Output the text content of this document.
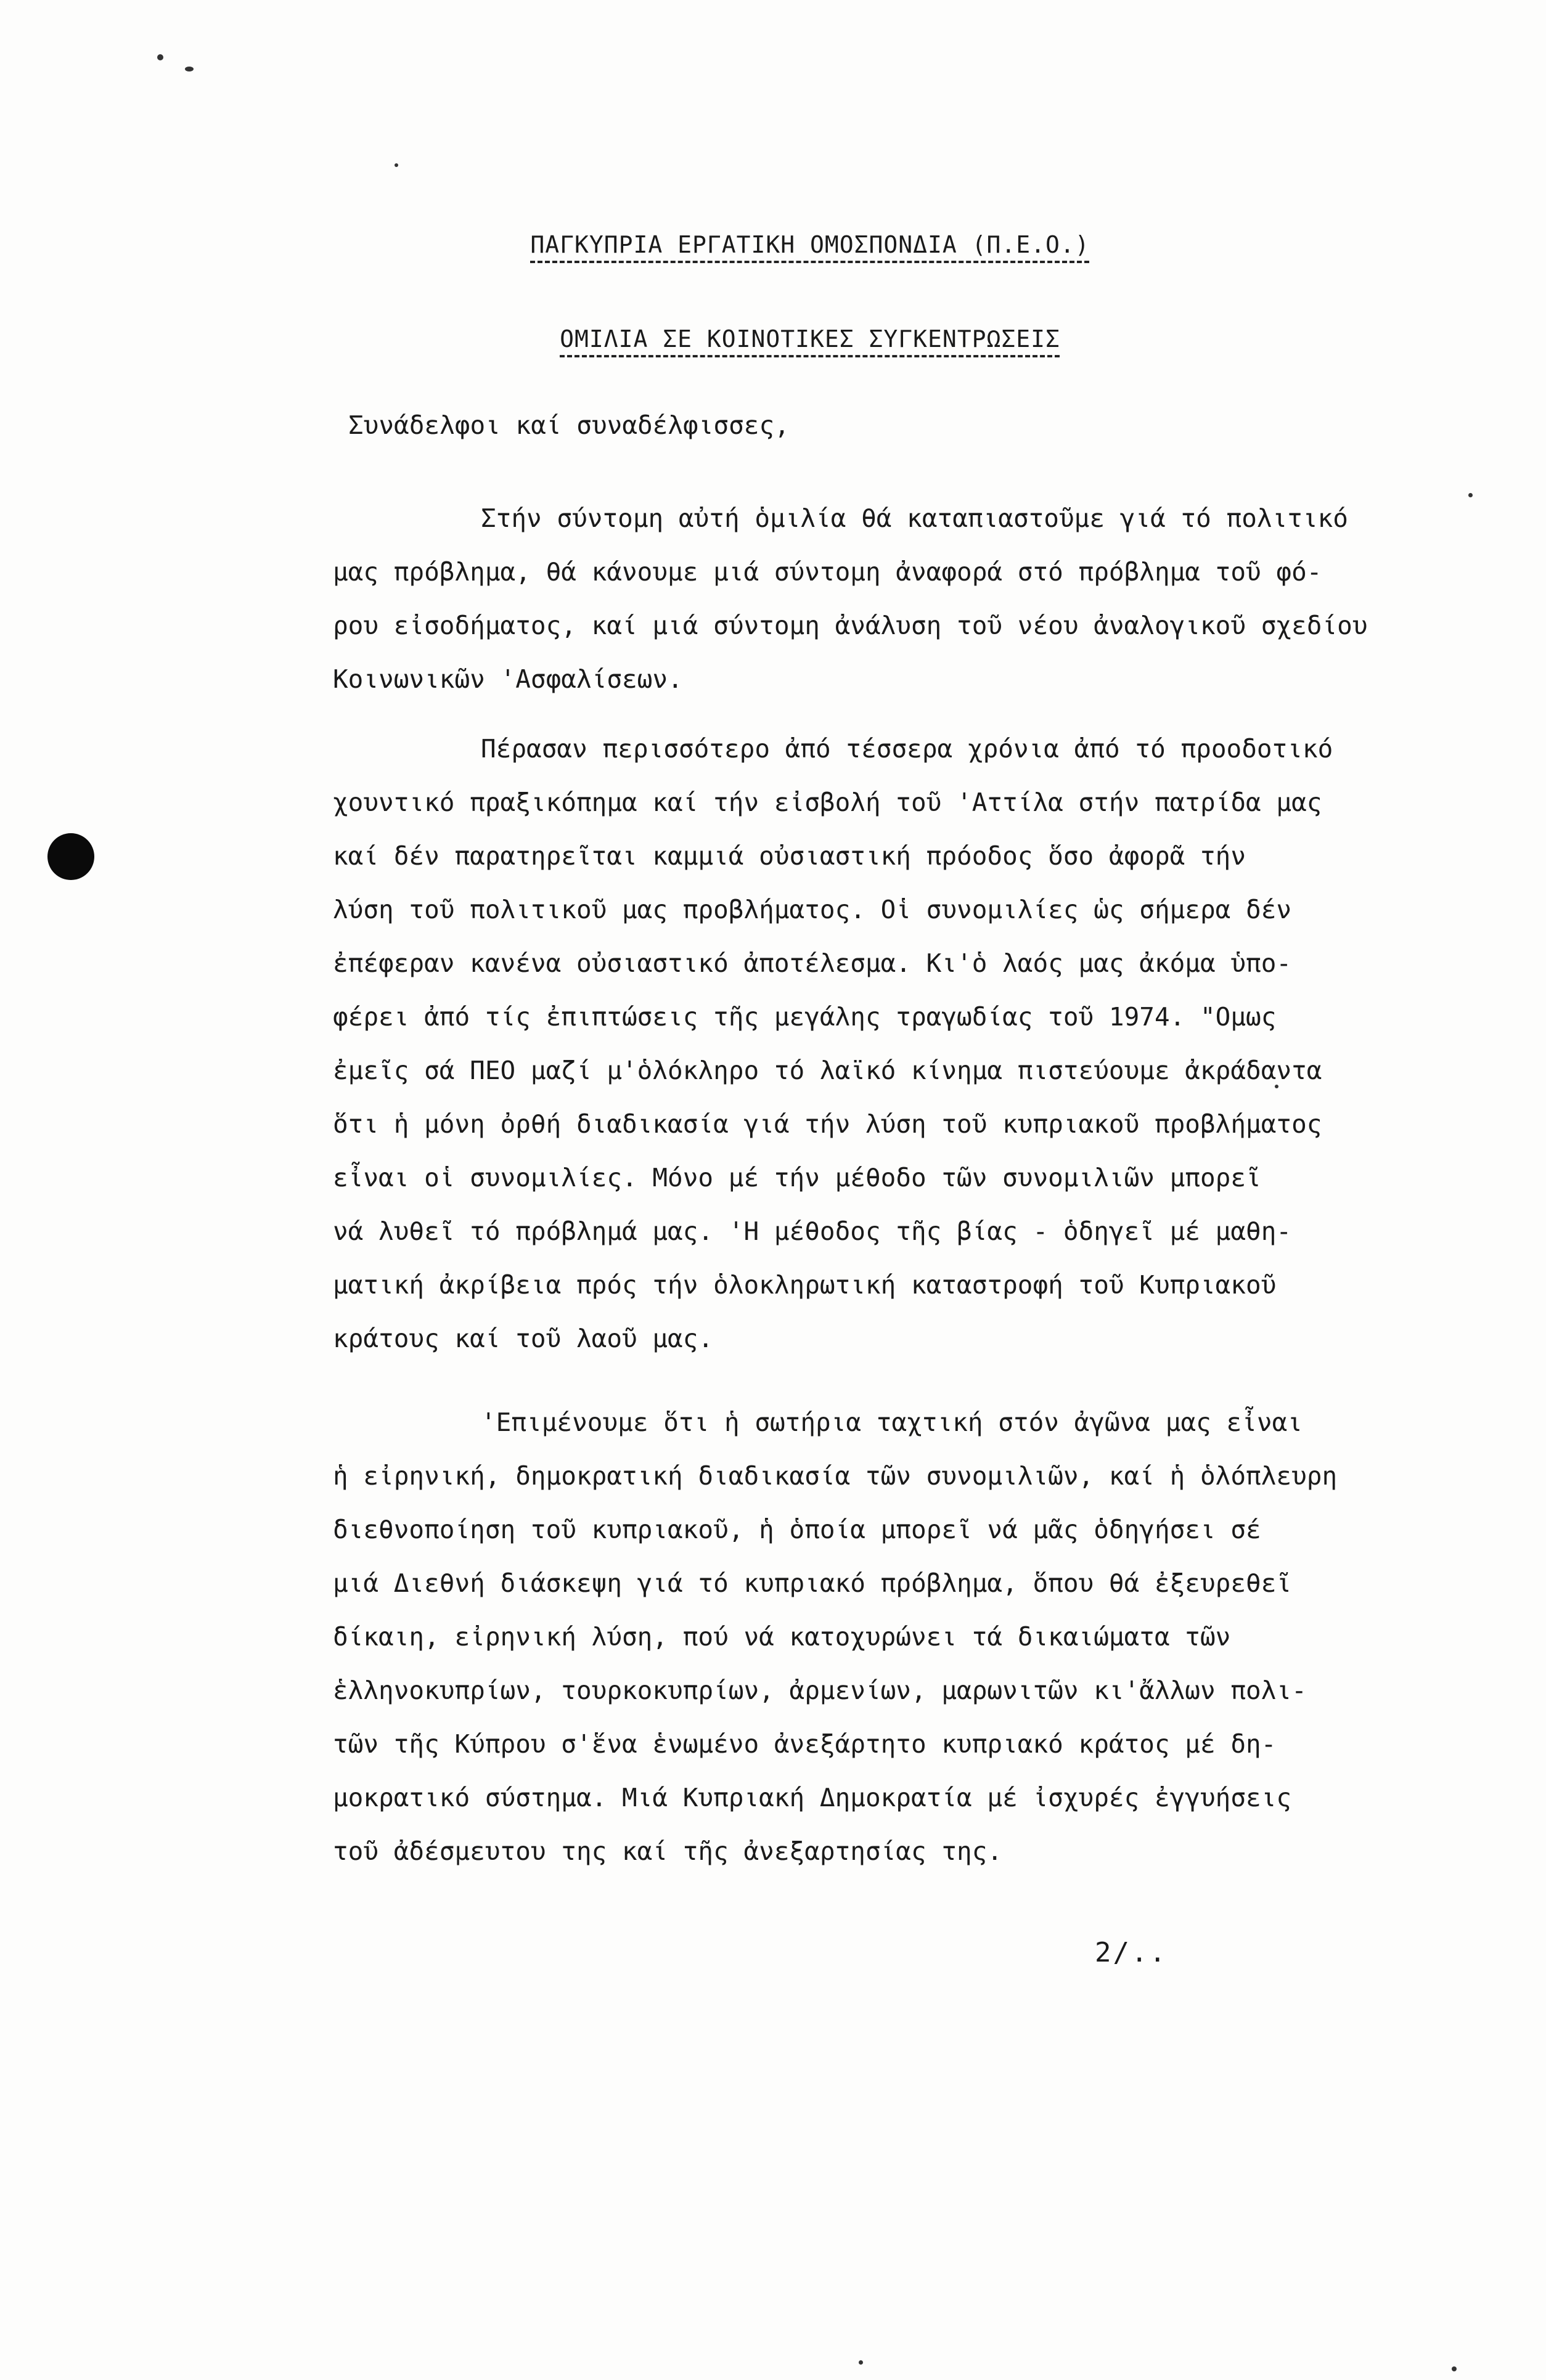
ΠΑΓΚΥΠΡΙΑ ΕΡΓΑΤΙΚΗ ΟΜΟΣΠΟΝΔΙΑ (Π.Ε.Ο.)
ΟΜΙΛΙΑ ΣΕ ΚΟΙΝΟΤΙΚΕΣ ΣΥΓΚΕΝΤΡΩΣΕΙΣ
Συνάδελφοι καί συναδέλφισσες,
Στήν σύντομη αὐτή ὁμιλία θά καταπιαστοῦμε γιά τό πολιτικό
μας πρόβλημα, θά κάνουμε μιά σύντομη ἀναφορά στό πρόβλημα τοῦ φό-
ρου εἰσοδήματος, καί μιά σύντομη ἀνάλυση τοῦ νέου ἀναλογικοῦ σχεδίου
Κοινωνικῶν 'Ασφαλίσεων.
Πέρασαν περισσότερο ἀπό τέσσερα χρόνια ἀπό τό προοδοτικό
χουντικό πραξικόπημα καί τήν εἰσβολή τοῦ 'Αττίλα στήν πατρίδα μας
καί δέν παρατηρεῖται καμμιά οὐσιαστική πρόοδος ὅσο ἀφορᾶ τήν
λύση τοῦ πολιτικοῦ μας προβλήματος. Οἱ συνομιλίες ὡς σήμερα δέν
ἐπέφεραν κανένα οὐσιαστικό ἀποτέλεσμα. Κι'ὁ λαός μας ἀκόμα ὑπο-
φέρει ἀπό τίς ἐπιπτώσεις τῆς μεγάλης τραγωδίας τοῦ 1974. "Ομως
ἐμεῖς σά ΠΕΟ μαζί μ'ὁλόκληρο τό λαϊκό κίνημα πιστεύουμε ἀκράδαντα
ὅτι ἡ μόνη ὀρθή διαδικασία γιά τήν λύση τοῦ κυπριακοῦ προβλήματος
εἶναι οἱ συνομιλίες. Μόνο μέ τήν μέθοδο τῶν συνομιλιῶν μπορεῖ
νά λυθεῖ τό πρόβλημά μας. 'Η μέθοδος τῆς βίας - ὁδηγεῖ μέ μαθη-
ματική ἀκρίβεια πρός τήν ὁλοκληρωτική καταστροφή τοῦ Κυπριακοῦ
κράτους καί τοῦ λαοῦ μας.
'Επιμένουμε ὅτι ἡ σωτήρια ταχτική στόν ἀγῶνα μας εἶναι
ἡ εἰρηνική, δημοκρατική διαδικασία τῶν συνομιλιῶν, καί ἡ ὁλόπλευρη
διεθνοποίηση τοῦ κυπριακοῦ, ἡ ὁποία μπορεῖ νά μᾶς ὁδηγήσει σέ
μιά Διεθνή διάσκεψη γιά τό κυπριακό πρόβλημα, ὅπου θά ἐξευρεθεῖ
δίκαιη, εἰρηνική λύση, πού νά κατοχυρώνει τά δικαιώματα τῶν
ἑλληνοκυπρίων, τουρκοκυπρίων, ἀρμενίων, μαρωνιτῶν κι'ἄλλων πολι-
τῶν τῆς Κύπρου σ'ἕνα ἑνωμένο ἀνεξάρτητο κυπριακό κράτος μέ δη-
μοκρατικό σύστημα. Μιά Κυπριακή Δημοκρατία μέ ἰσχυρές ἐγγυήσεις
τοῦ ἀδέσμευτου της καί τῆς ἀνεξαρτησίας της.
2/..
